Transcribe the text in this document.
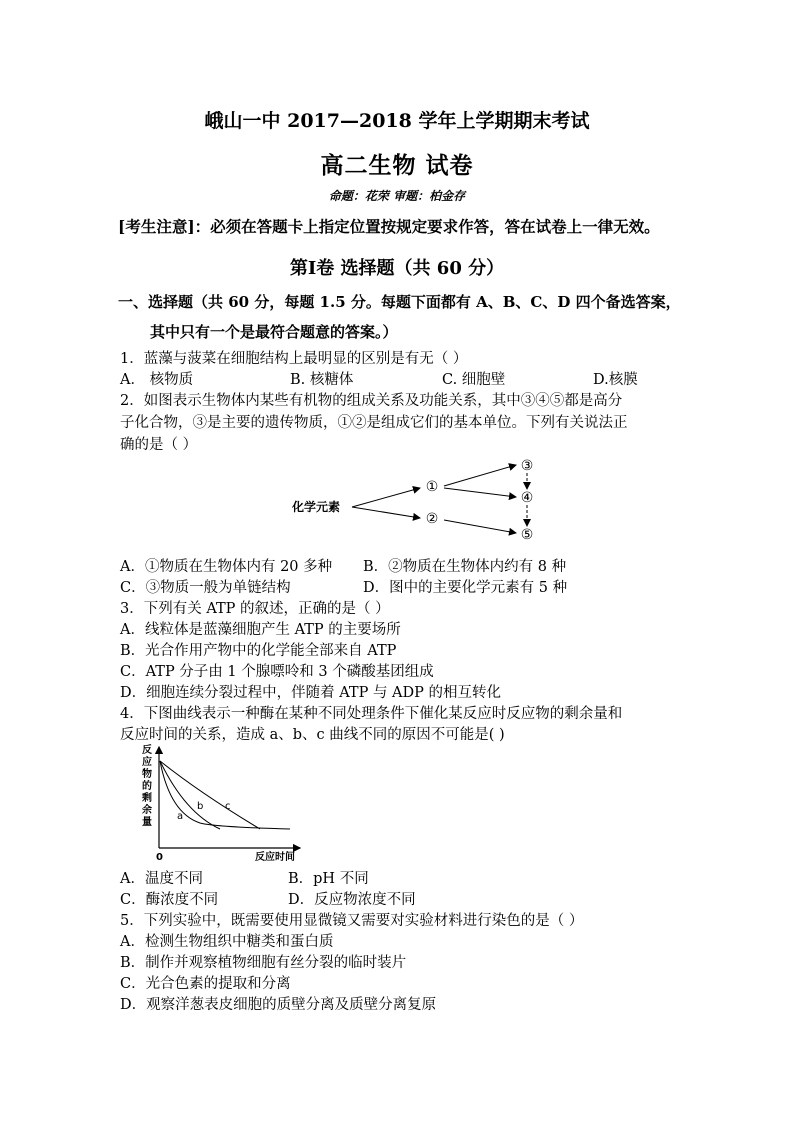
峨山一中 2017—2018 学年上学期期末考试
高二生物 试卷
命题：花荣 审题：柏金存
[考生注意]：必须在答题卡上指定位置按规定要求作答，答在试卷上一律无效。
第Ⅰ卷 选择题（共 60 分）
一、选择题（共 60 分，每题 1.5 分。每题下面都有 A、B、C、D 四个备选答案，
其中只有一个是最符合题意的答案。）
1．蓝藻与菠菜在细胞结构上最明显的区别是有无（ ）
A． 核物质	B. 核糖体	C. 细胞壁	D.核膜
2．如图表示生物体内某些有机物的组成关系及功能关系，其中③④⑤都是高分
子化合物，③是主要的遗传物质，①②是组成它们的基本单位。下列有关说法正
确的是（ ）
化学元素
①
②
③
④
⑤
A．①物质在生物体内有 20 多种 B．②物质在生物体内约有 8 种
C．③物质一般为单链结构	D．图中的主要化学元素有 5 种
3．下列有关 ATP 的叙述，正确的是（ ）
A．线粒体是蓝藻细胞产生 ATP 的主要场所
B．光合作用产物中的化学能全部来自 ATP
C．ATP 分子由 1 个腺嘌呤和 3 个磷酸基团组成
D．细胞连续分裂过程中，伴随着 ATP 与 ADP 的相互转化
4．下图曲线表示一种酶在某种不同处理条件下催化某反应时反应物的剩余量和
反应时间的关系，造成 a、b、c 曲线不同的原因不可能是( )
反
应
物
的
剩
余
量
0	反应时间
a
b c
A．温度不同	B．pH 不同
C．酶浓度不同	D．反应物浓度不同
5．下列实验中，既需要使用显微镜又需要对实验材料进行染色的是（ ）
A．检测生物组织中糖类和蛋白质
B．制作并观察植物细胞有丝分裂的临时装片
C．光合色素的提取和分离
D．观察洋葱表皮细胞的质壁分离及质壁分离复原
